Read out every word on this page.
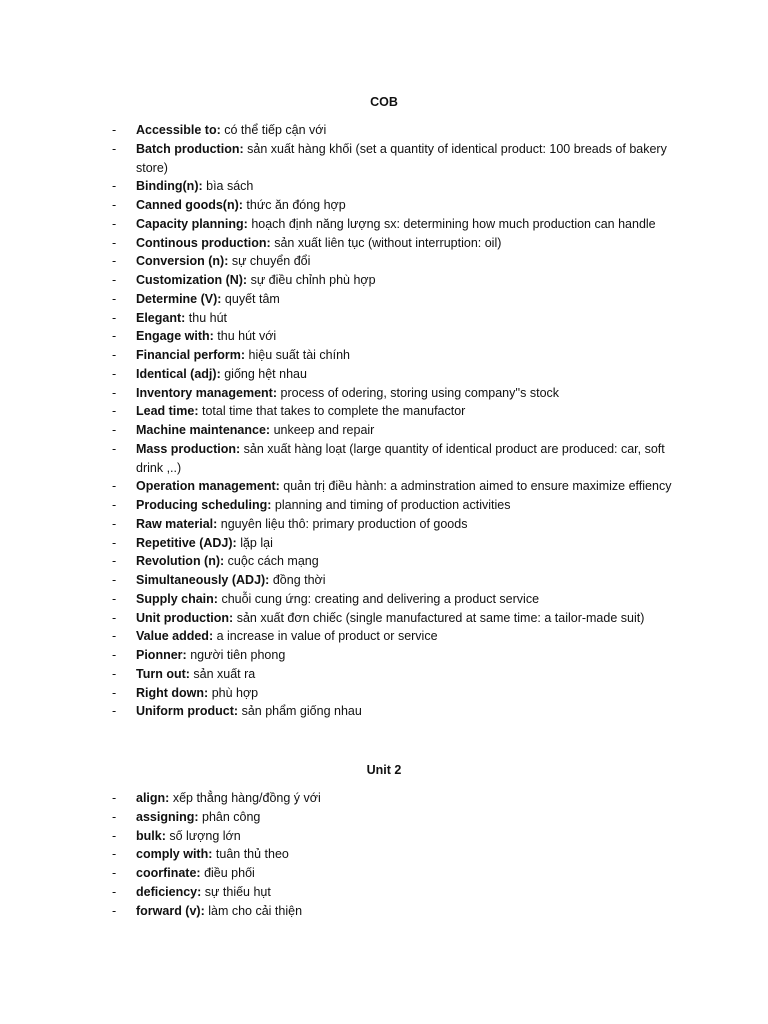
COB
- Accessible to: có thể tiếp cận với
- Batch production: sản xuất hàng khối (set a quantity of identical product: 100 breads of bakery store)
- Binding(n): bìa sách
- Canned goods(n): thức ăn đóng hợp
- Capacity planning: hoạch định năng lượng sx: determining how much production can handle
- Continous production: sản xuất liên tục (without interruption: oil)
- Conversion (n): sự chuyển đổi
- Customization (N): sự điều chỉnh phù hợp
- Determine (V): quyết tâm
- Elegant: thu hút
- Engage with: thu hút với
- Financial perform: hiệu suất tài chính
- Identical (adj): giống hệt nhau
- Inventory management: process of odering, storing using company''s stock
- Lead time: total time that takes to complete the manufactor
- Machine maintenance: unkeep and repair
- Mass production: sản xuất hàng loạt (large quantity of identical product are produced: car, soft drink ,..)
- Operation management: quản trị điều hành: a adminstration aimed to ensure maximize effiency
- Producing scheduling: planning and timing of production activities
- Raw material: nguyên liệu thô: primary production of goods
- Repetitive (ADJ): lặp lại
- Revolution (n): cuộc cách mạng
- Simultaneously (ADJ): đồng thời
- Supply chain: chuỗi cung ứng: creating and delivering a product service
- Unit production: sản xuất đơn chiếc (single manufactured at same time: a tailor-made suit)
- Value added: a increase in value of product or service
- Pionner: người tiên phong
- Turn out: sản xuất ra
- Right down: phù hợp
- Uniform product: sản phẩm giống nhau
Unit 2
- align: xếp thẳng hàng/đồng ý với
- assigning: phân công
- bulk: số lượng lớn
- comply with: tuân thủ theo
- coorfinate: điều phối
- deficiency: sự thiếu hụt
- forward (v): làm cho cải thiện
